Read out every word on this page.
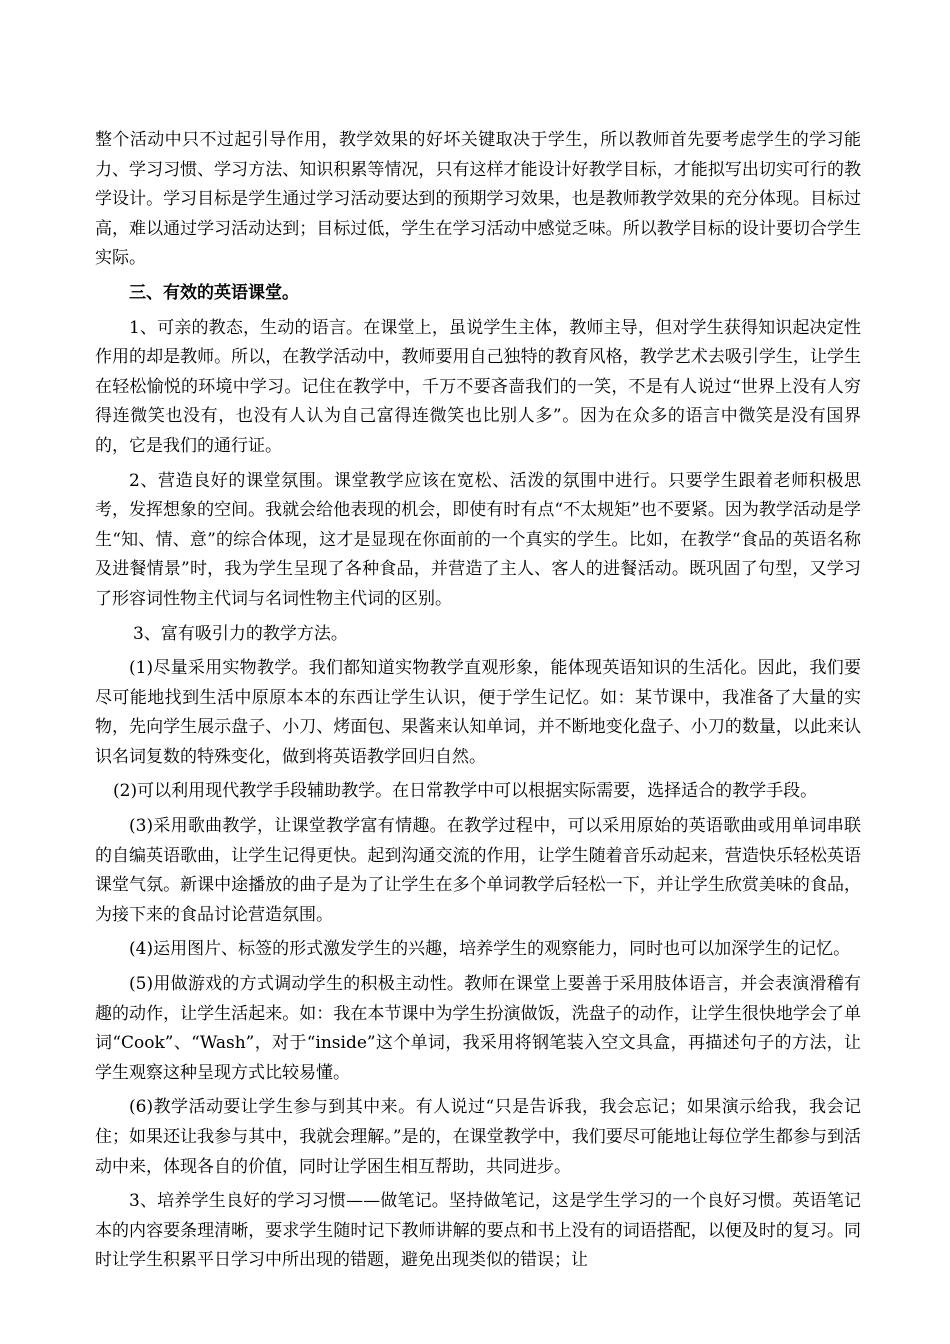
整个活动中只不过起引导作用，教学效果的好坏关键取决于学生，所以教师首先要考虑学生的学习能力、学习习惯、学习方法、知识积累等情况，只有这样才能设计好教学目标，才能拟写出切实可行的教学设计。学习目标是学生通过学习活动要达到的预期学习效果，也是教师教学效果的充分体现。目标过高，难以通过学习活动达到；目标过低，学生在学习活动中感觉乏味。所以教学目标的设计要切合学生实际。

三、有效的英语课堂。

1、可亲的教态，生动的语言。在课堂上，虽说学生主体，教师主导，但对学生获得知识起决定性作用的却是教师。所以，在教学活动中，教师要用自己独特的教育风格，教学艺术去吸引学生，让学生在轻松愉悦的环境中学习。记住在教学中，千万不要吝啬我们的一笑，不是有人说过“世界上没有人穷得连微笑也没有，也没有人认为自己富得连微笑也比别人多”。因为在众多的语言中微笑是没有国界的，它是我们的通行证。

2、营造良好的课堂氛围。课堂教学应该在宽松、活泼的氛围中进行。只要学生跟着老师积极思考，发挥想象的空间。我就会给他表现的机会，即使有时有点“不太规矩”也不要紧。因为教学活动是学生“知、情、意”的综合体现，这才是显现在你面前的一个真实的学生。比如，在教学“食品的英语名称及进餐情景”时，我为学生呈现了各种食品，并营造了主人、客人的进餐活动。既巩固了句型，又学习了形容词性物主代词与名词性物主代词的区别。

3、富有吸引力的教学方法。

(1)尽量采用实物教学。我们都知道实物教学直观形象，能体现英语知识的生活化。因此，我们要尽可能地找到生活中原原本本的东西让学生认识，便于学生记忆。如：某节课中，我准备了大量的实物，先向学生展示盘子、小刀、烤面包、果酱来认知单词，并不断地变化盘子、小刀的数量，以此来认识名词复数的特殊变化，做到将英语教学回归自然。

(2)可以利用现代教学手段辅助教学。在日常教学中可以根据实际需要，选择适合的教学手段。

(3)采用歌曲教学，让课堂教学富有情趣。在教学过程中，可以采用原始的英语歌曲或用单词串联的自编英语歌曲，让学生记得更快。起到沟通交流的作用，让学生随着音乐动起来，营造快乐轻松英语课堂气氛。新课中途播放的曲子是为了让学生在多个单词教学后轻松一下，并让学生欣赏美味的食品，为接下来的食品讨论营造氛围。

(4)运用图片、标签的形式激发学生的兴趣，培养学生的观察能力，同时也可以加深学生的记忆。

(5)用做游戏的方式调动学生的积极主动性。教师在课堂上要善于采用肢体语言，并会表演滑稽有趣的动作，让学生活起来。如：我在本节课中为学生扮演做饭，洗盘子的动作，让学生很快地学会了单词“Cook”、“Wash”，对于“inside”这个单词，我采用将钢笔装入空文具盒，再描述句子的方法，让学生观察这种呈现方式比较易懂。

(6)教学活动要让学生参与到其中来。有人说过“只是告诉我，我会忘记；如果演示给我，我会记住；如果还让我参与其中，我就会理解。”是的，在课堂教学中，我们要尽可能地让每位学生都参与到活动中来，体现各自的价值，同时让学困生相互帮助，共同进步。

3、培养学生良好的学习习惯——做笔记。坚持做笔记，这是学生学习的一个良好习惯。英语笔记本的内容要条理清晰，要求学生随时记下教师讲解的要点和书上没有的词语搭配，以便及时的复习。同时让学生积累平日学习中所出现的错题，避免出现类似的错误；让
